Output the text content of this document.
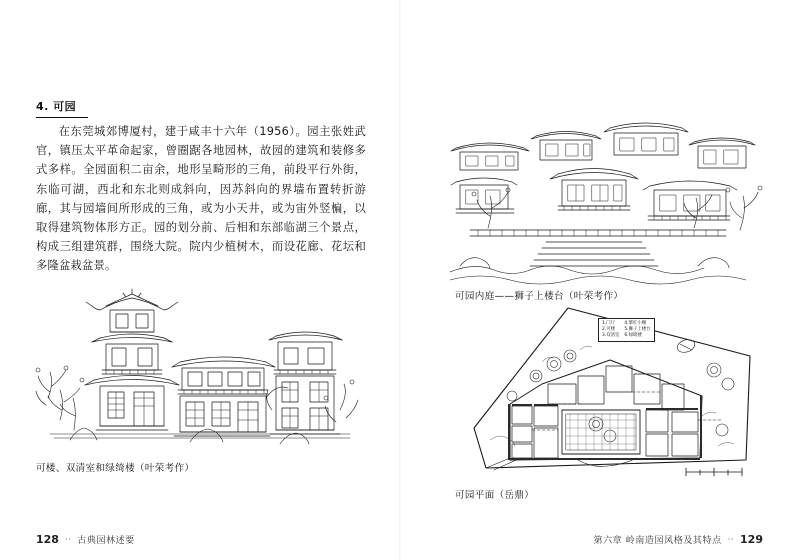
4. 可园

在东莞城郊博厦村，建于咸丰十六年（1956）。园主张姓武官，镇压太平革命起家，曾圈踞各地园林，故园的建筑和装修多式多样。全园面积二亩余，地形呈畸形的三角，前段平行外街，东临可湖，西北和东北则成斜向，因苏斜向的界墙布置转折游廊，其与园墙间所形成的三角，或为小天井，或为宙外竖楄，以取得建筑物体形方正。园的划分前、后相和东部临湖三个景点，构成三组建筑群，围绕大院。院内少植树木，而设花廊、花坛和多隆盆栽盆景。

可楼、双清室和绿绮楼（叶荣考作）
可园内庭——狮子上楼台（叶荣考作）
1.门厅
2.可楼
3.双清室
4.擘红小榭
5.狮子上楼台
6.绿绮楼
可园平面（岳鼎）
128 ·· 古典园林述要	第六章 岭南造园风格及其特点 ·· 129
